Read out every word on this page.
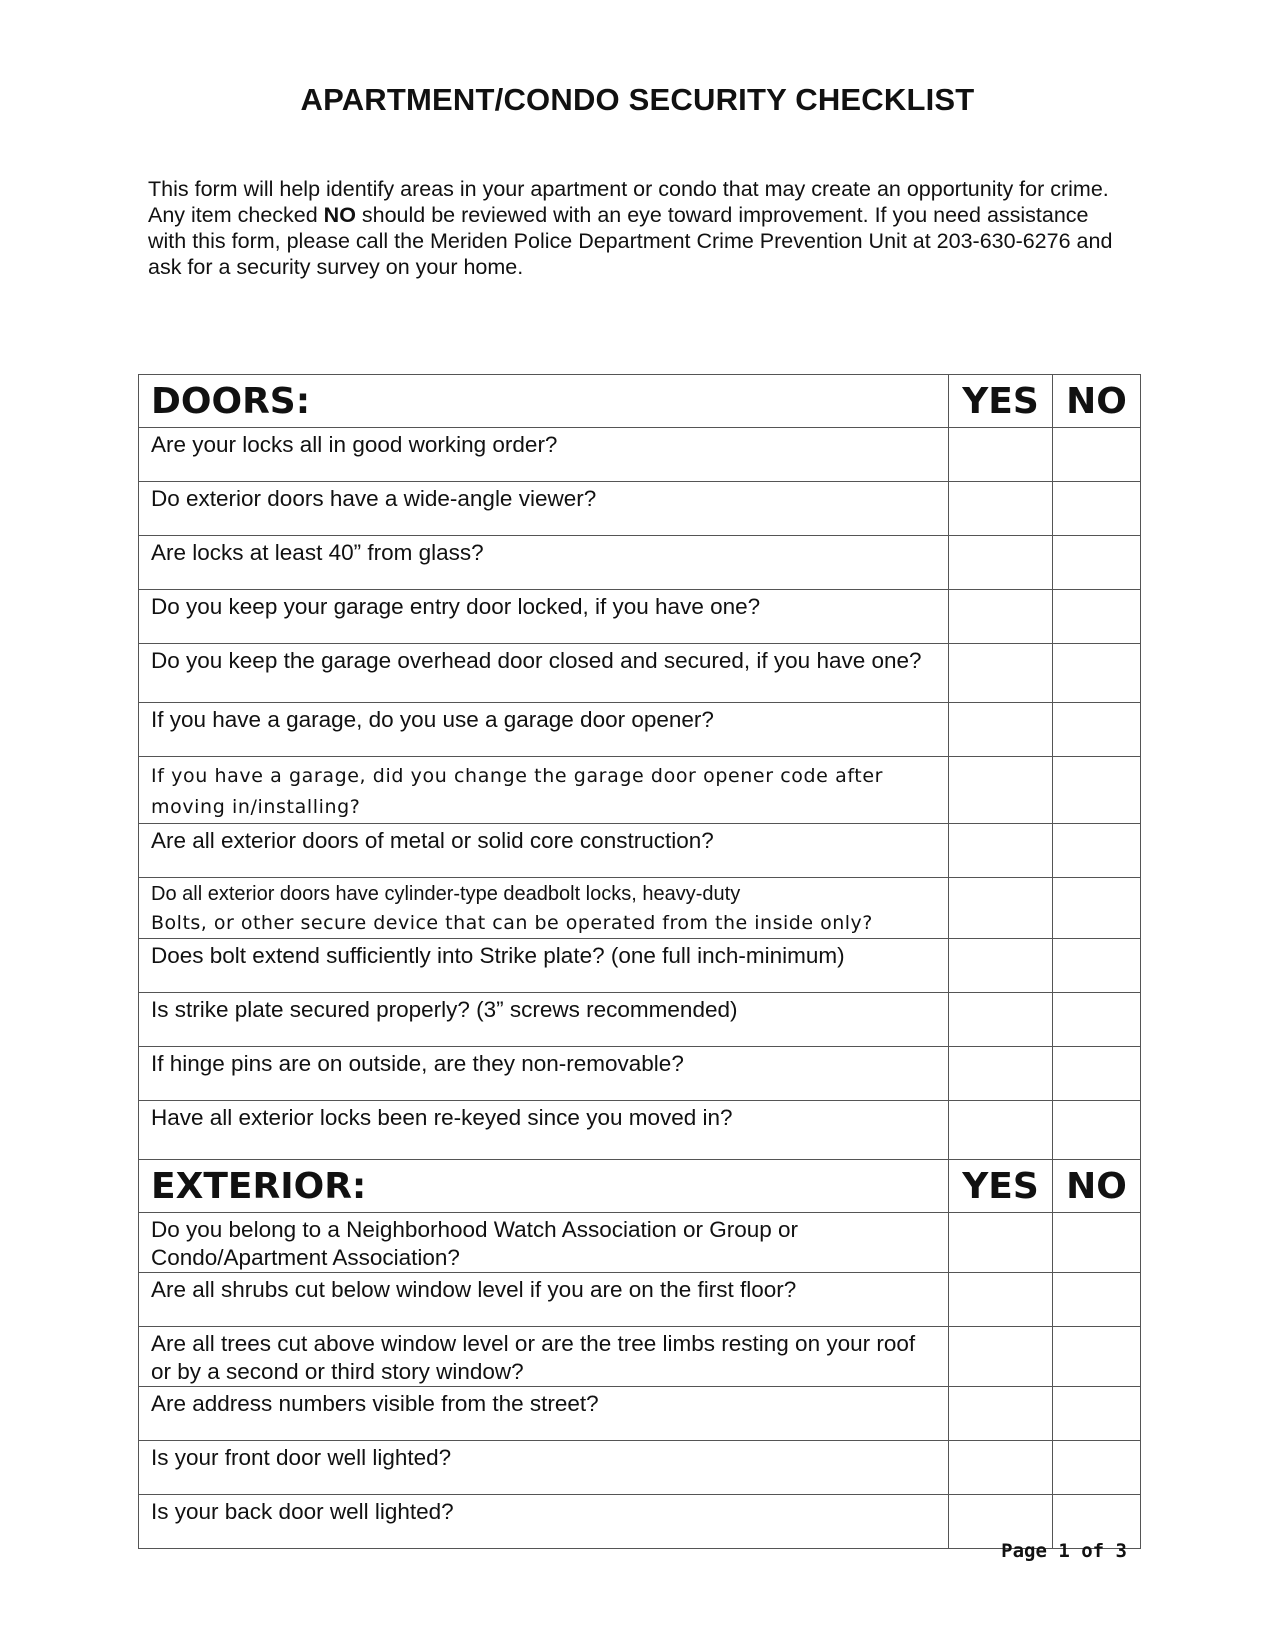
APARTMENT/CONDO SECURITY CHECKLIST
This form will help identify areas in your apartment or condo that may create an opportunity for crime. Any item checked NO should be reviewed with an eye toward improvement. If you need assistance with this form, please call the Meriden Police Department Crime Prevention Unit at 203-630-6276 and ask for a security survey on your home.
DOORS:	YES	NO
Are your locks all in good working order?		
Do exterior doors have a wide-angle viewer?		
Are locks at least 40” from glass?		
Do you keep your garage entry door locked, if you have one?		
Do you keep the garage overhead door closed and secured, if you have one?		
If you have a garage, do you use a garage door opener?		
If you have a garage, did you change the garage door opener code after moving in/installing?		
Are all exterior doors of metal or solid core construction?		

Do all exterior doors have cylinder-type deadbolt locks, heavy-duty
Bolts, or other secure device that can be operated from the inside only?		

Does bolt extend sufficiently into Strike plate? (one full inch-minimum)		
Is strike plate secured properly? (3” screws recommended)		
If hinge pins are on outside, are they non-removable?		
Have all exterior locks been re-keyed since you moved in?		
EXTERIOR:	YES	NO
Do you belong to a Neighborhood Watch Association or Group or Condo/Apartment Association?		
Are all shrubs cut below window level if you are on the first floor?		
Are all trees cut above window level or are the tree limbs resting on your roof or by a second or third story window?		
Are address numbers visible from the street?		
Is your front door well lighted?		
Is your back door well lighted?		
Page 1 of 3
